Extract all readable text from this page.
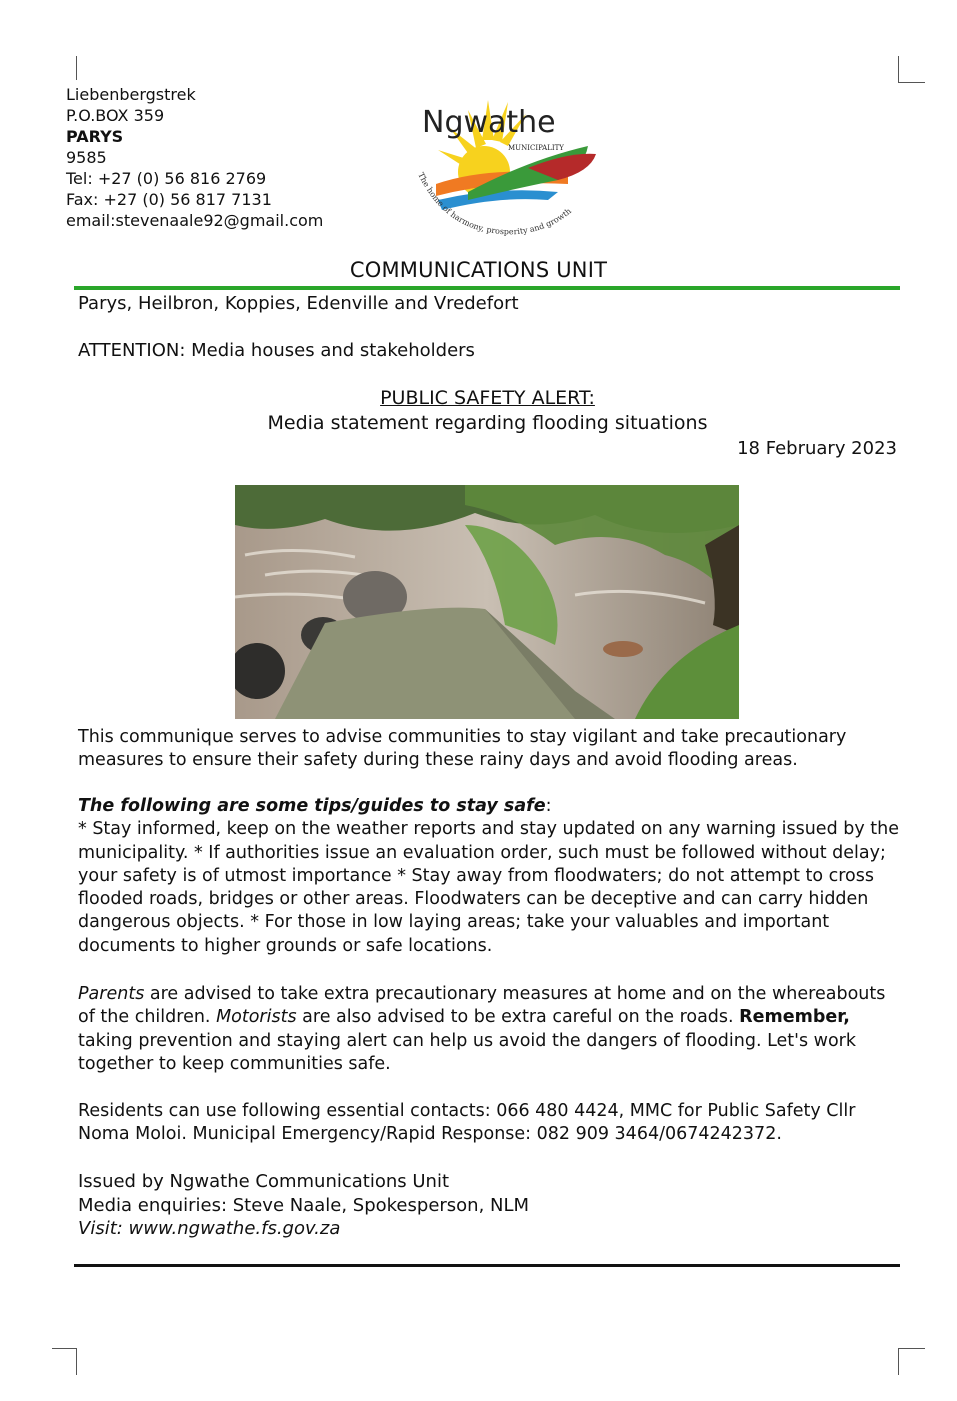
Liebenbergstrek
P.O.BOX 359
PARYS
9585
Tel: +27 (0) 56 816 2769
Fax: +27 (0) 56 817 7131
email:stevenaale92@gmail.com
Ngwathe
MUNICIPALITY
The home of harmony, prosperity and growth
COMMUNICATIONS UNIT
Parys, Heilbron, Koppies, Edenville and Vredefort
ATTENTION: Media houses and stakeholders
PUBLIC SAFETY ALERT:
Media statement regarding flooding situations
18 February 2023

This communique serves to advise communities to stay vigilant and take precautionary measures to ensure their safety during these rainy days and avoid flooding areas.

The following are some tips/guides to stay safe:

* Stay informed, keep on the weather reports and stay updated on any warning issued by the municipality. * If authorities issue an evaluation order, such must be followed without delay; your safety is of utmost importance * Stay away from floodwaters; do not attempt to cross flooded roads, bridges or other areas. Floodwaters can be deceptive and can carry hidden dangerous objects. * For those in low laying areas; take your valuables and important documents to higher grounds or safe locations.

Parents are advised to take extra precautionary measures at home and on the whereabouts of the children. Motorists are also advised to be extra careful on the roads. Remember, taking prevention and staying alert can help us avoid the dangers of flooding. Let's work together to keep communities safe.

Residents can use following essential contacts: 066 480 4424, MMC for Public Safety Cllr Noma Moloi. Municipal Emergency/Rapid Response: 082 909 3464/0674242372.

Issued by Ngwathe Communications Unit

Media enquiries: Steve Naale, Spokesperson, NLM

Visit: www.ngwathe.fs.gov.za
